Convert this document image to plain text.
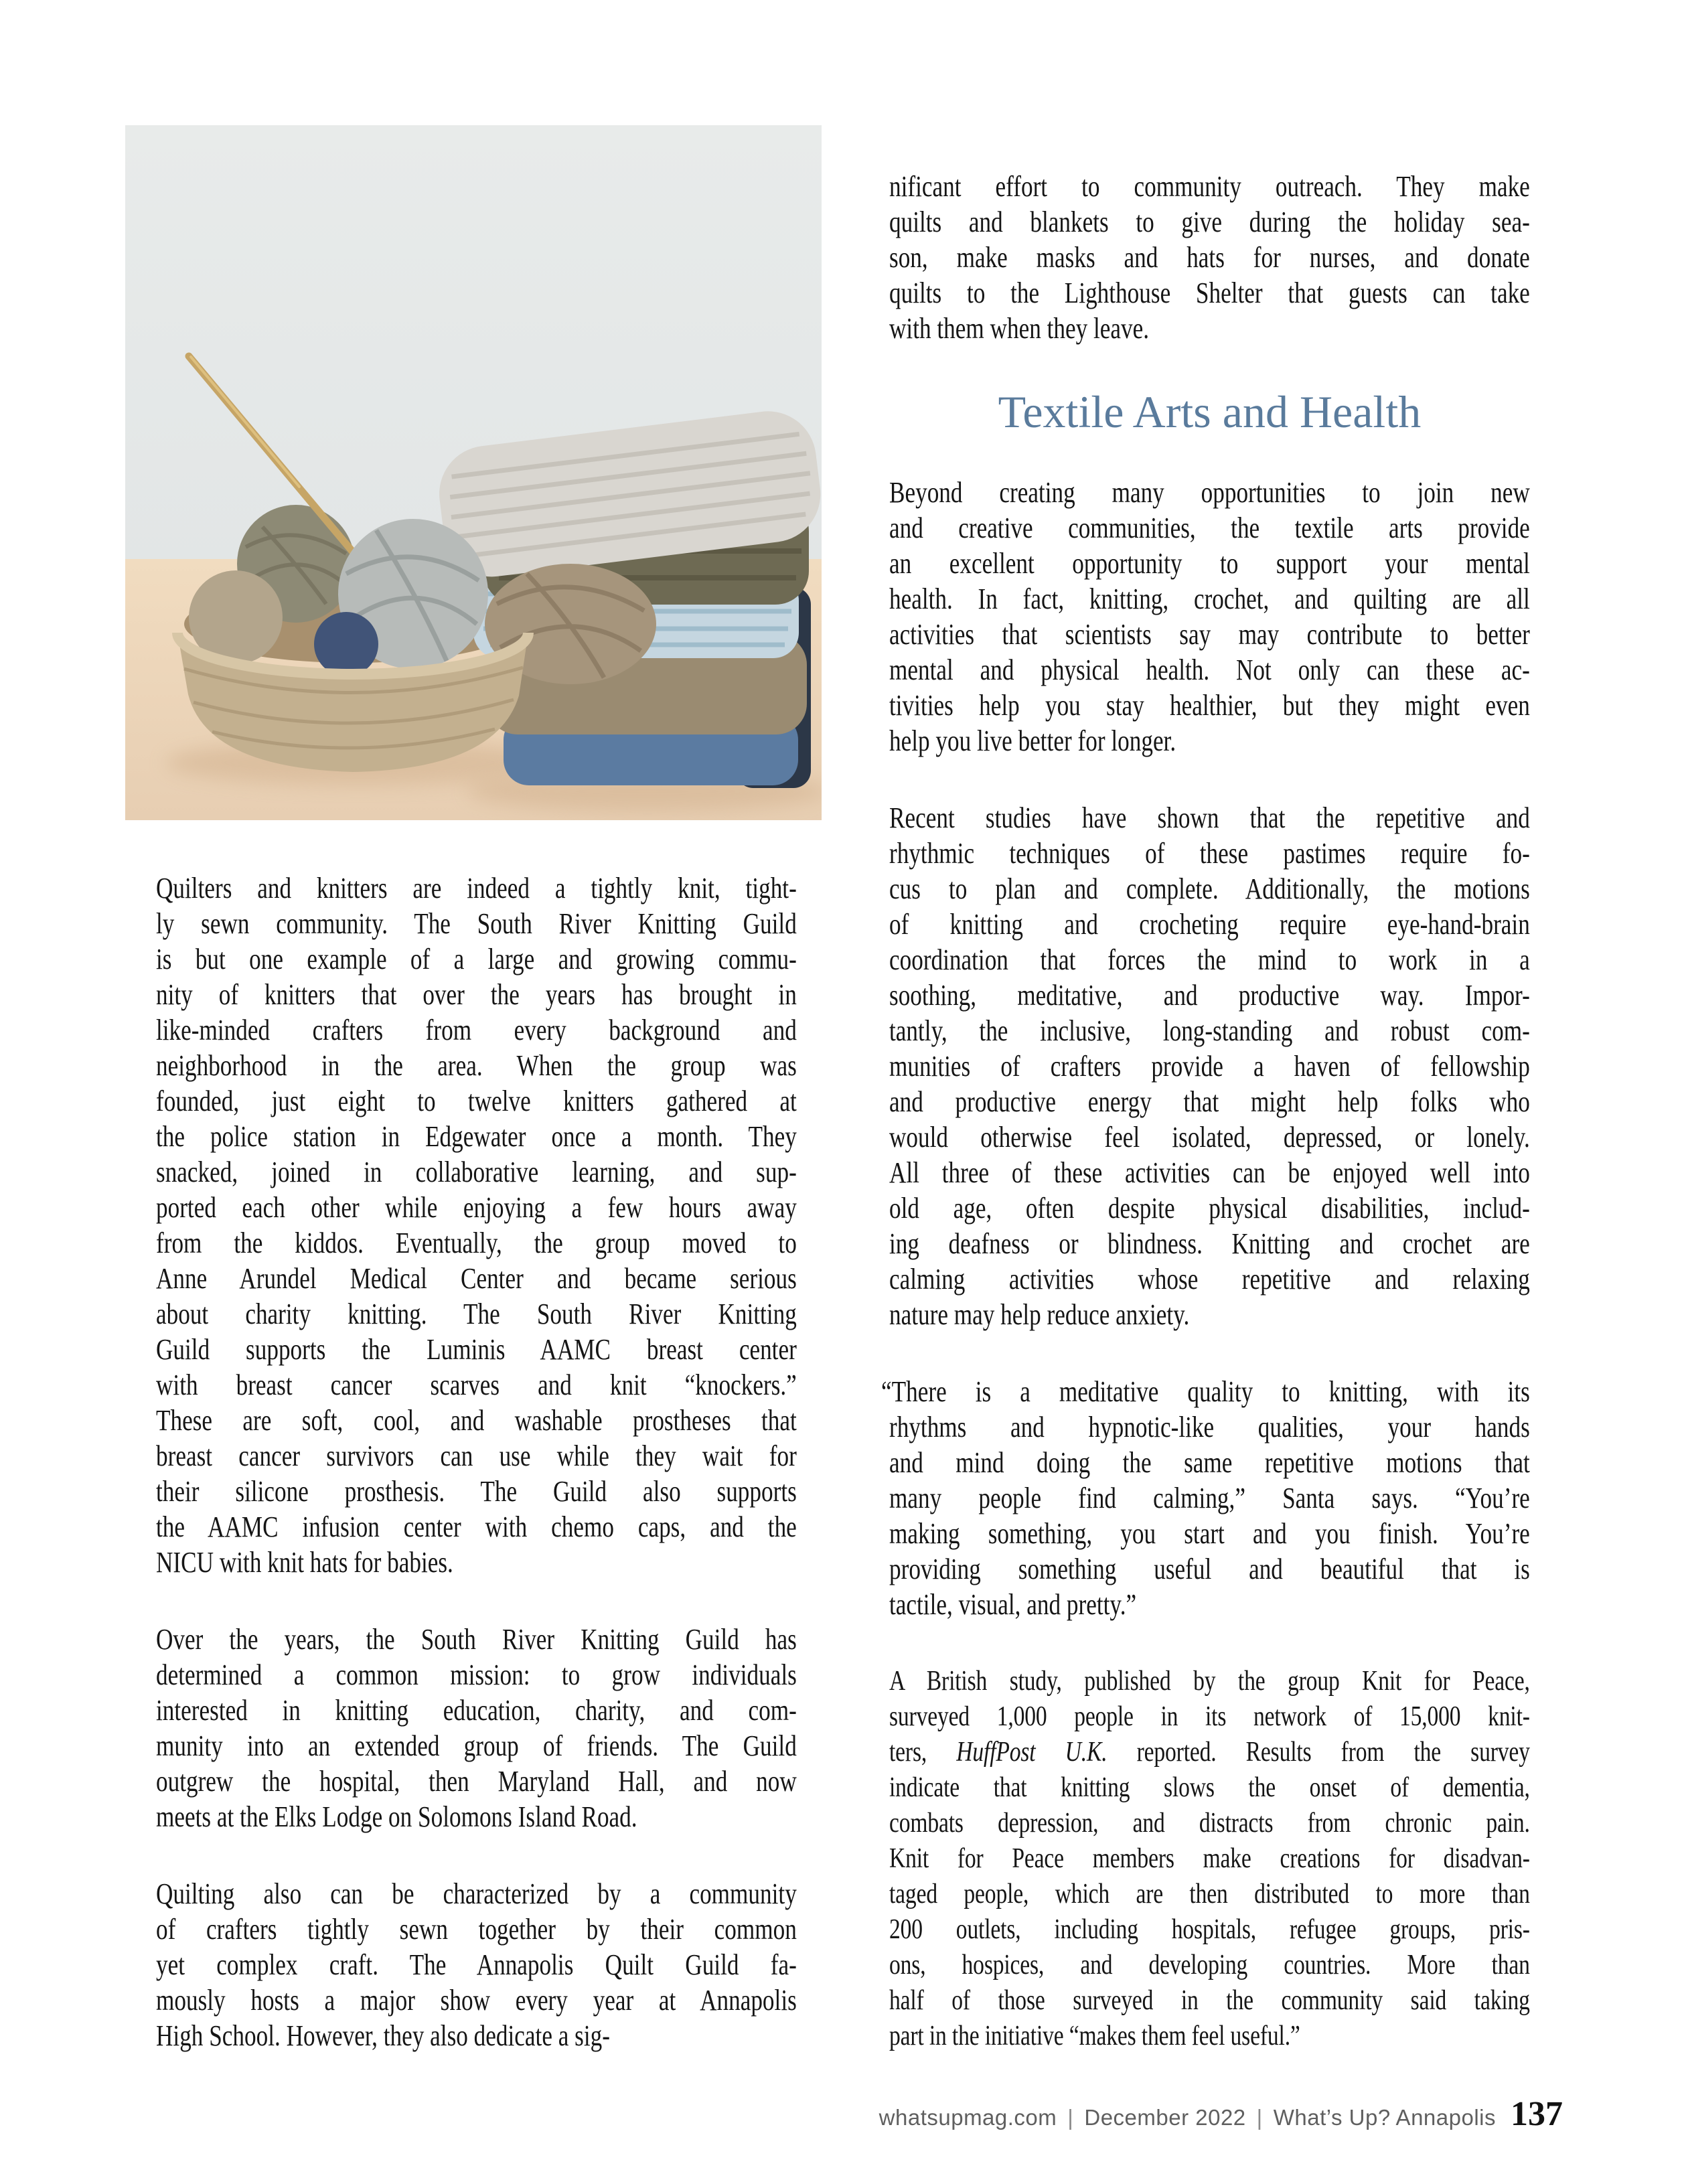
Quilters and knitters are indeed a tightly knit, tight-
ly sewn community. The South River Knitting Guild
is but one example of a large and growing commu-
nity of knitters that over the years has brought in
like-minded crafters from every background and
neighborhood in the area. When the group was
founded, just eight to twelve knitters gathered at
the police station in Edgewater once a month. They
snacked, joined in collaborative learning, and sup-
ported each other while enjoying a few hours away
from the kiddos. Eventually, the group moved to
Anne Arundel Medical Center and became serious
about charity knitting. The South River Knitting
Guild supports the Luminis AAMC breast center
with breast cancer scarves and knit “knockers.”
These are soft, cool, and washable prostheses that
breast cancer survivors can use while they wait for
their silicone prosthesis. The Guild also supports
the AAMC infusion center with chemo caps, and the
NICU with knit hats for babies.
Over the years, the South River Knitting Guild has
determined a common mission: to grow individuals
interested in knitting education, charity, and com-
munity into an extended group of friends. The Guild
outgrew the hospital, then Maryland Hall, and now
meets at the Elks Lodge on Solomons Island Road.
Quilting also can be characterized by a community
of crafters tightly sewn together by their common
yet complex craft. The Annapolis Quilt Guild fa-
mously hosts a major show every year at Annapolis
High School. However, they also dedicate a sig-
nificant effort to community outreach. They make
quilts and blankets to give during the holiday sea-
son, make masks and hats for nurses, and donate
quilts to the Lighthouse Shelter that guests can take
with them when they leave.
Textile Arts and Health
Beyond creating many opportunities to join new
and creative communities, the textile arts provide
an excellent opportunity to support your mental
health. In fact, knitting, crochet, and quilting are all
activities that scientists say may contribute to better
mental and physical health. Not only can these ac-
tivities help you stay healthier, but they might even
help you live better for longer.
Recent studies have shown that the repetitive and
rhythmic techniques of these pastimes require fo-
cus to plan and complete. Additionally, the motions
of knitting and crocheting require eye-hand-brain
coordination that forces the mind to work in a
soothing, meditative, and productive way. Impor-
tantly, the inclusive, long-standing and robust com-
munities of crafters provide a haven of fellowship
and productive energy that might help folks who
would otherwise feel isolated, depressed, or lonely.
All three of these activities can be enjoyed well into
old age, often despite physical disabilities, includ-
ing deafness or blindness. Knitting and crochet are
calming activities whose repetitive and relaxing
nature may help reduce anxiety.
“There is a meditative quality to knitting, with its
rhythms and hypnotic-like qualities, your hands
and mind doing the same repetitive motions that
many people find calming,” Santa says. “You’re
making something, you start and you finish. You’re
providing something useful and beautiful that is
tactile, visual, and pretty.”
A British study, published by the group Knit for Peace,
surveyed 1,000 people in its network of 15,000 knit-
ters, HuffPost U.K. reported. Results from the survey
indicate that knitting slows the onset of dementia,
combats depression, and distracts from chronic pain.
Knit for Peace members make creations for disadvan-
taged people, which are then distributed to more than
200 outlets, including hospitals, refugee groups, pris-
ons, hospices, and developing countries. More than
half of those surveyed in the community said taking
part in the initiative “makes them feel useful.”
whatsupmag.com | December 2022 | What’s Up? Annapolis 137
